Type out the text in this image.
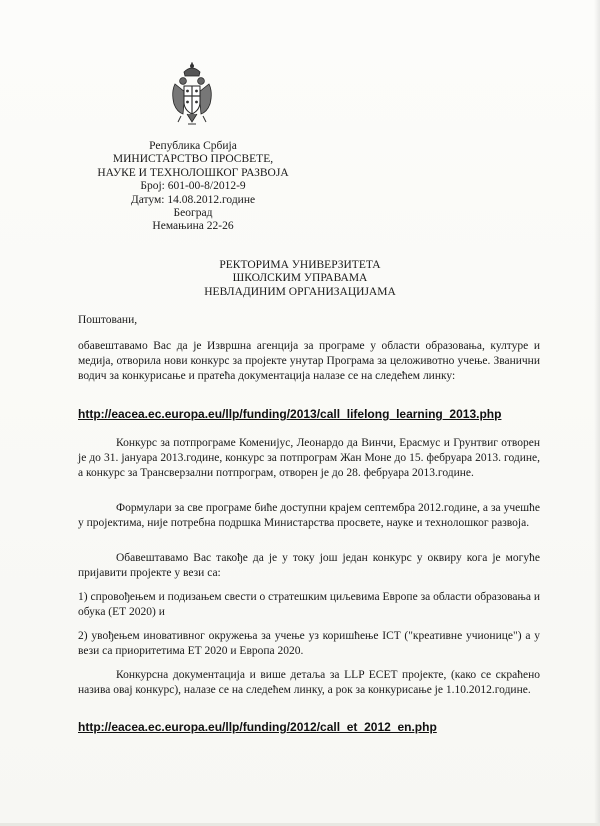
Република Србија
МИНИСТАРСТВО ПРОСВЕТЕ,
НАУКЕ И ТЕХНОЛОШКОГ РАЗВОЈА
Број: 601-00-8/2012-9
Датум: 14.08.2012.године
Београд
Немањина 22-26
РЕКТОРИМА УНИВЕРЗИТЕТА
ШКОЛСКИМ УПРАВАМА
НЕВЛАДИНИМ ОРГАНИЗАЦИЈАМА
Поштовани,
обавештавамо Вас да је Извршна агенција за програме у области образовања, културе и медија, отворила нови конкурс за пројекте унутар Програма за целоживотно учење. Званични водич за конкурисање и пратећа документација налазе се на следећем линку:
http://eacea.ec.europa.eu/llp/funding/2013/call_lifelong_learning_2013.php
Конкурс за потпрограме Коменијус, Леонардо да Винчи, Ерасмус и Грунтвиг отворен је до 31. јануара 2013.године, конкурс за потпрограм Жан Моне до 15. фебруара 2013. године, а конкурс за Трансверзални потпрограм, отворен је до 28. фебруара 2013.године.
Формулари за све програме биће доступни крајем септембра 2012.године, а за учешће у пројектима, није потребна подршка Министарства просвете, науке и технолошког развоја.
Обавештавамо Вас такође да је у току још један конкурс у оквиру кога је могуће пријавити пројекте у вези са:
1) спровођењем и подизањем свести о стратешким циљевима Европе за области образовања и обука (ЕТ 2020) и
2) увођењем иновативног окружења за учење уз коришћење ICT ("креативне учионице") а у вези са приоритетима ЕТ 2020 и Европа 2020.
Конкурсна документација и више детаља за LLP ECET пројекте, (како се скраћено назива овај конкурс), налазе се на следећем линку, а рок за конкурисање је 1.10.2012.године.
http://eacea.ec.europa.eu/llp/funding/2012/call_et_2012_en.php
